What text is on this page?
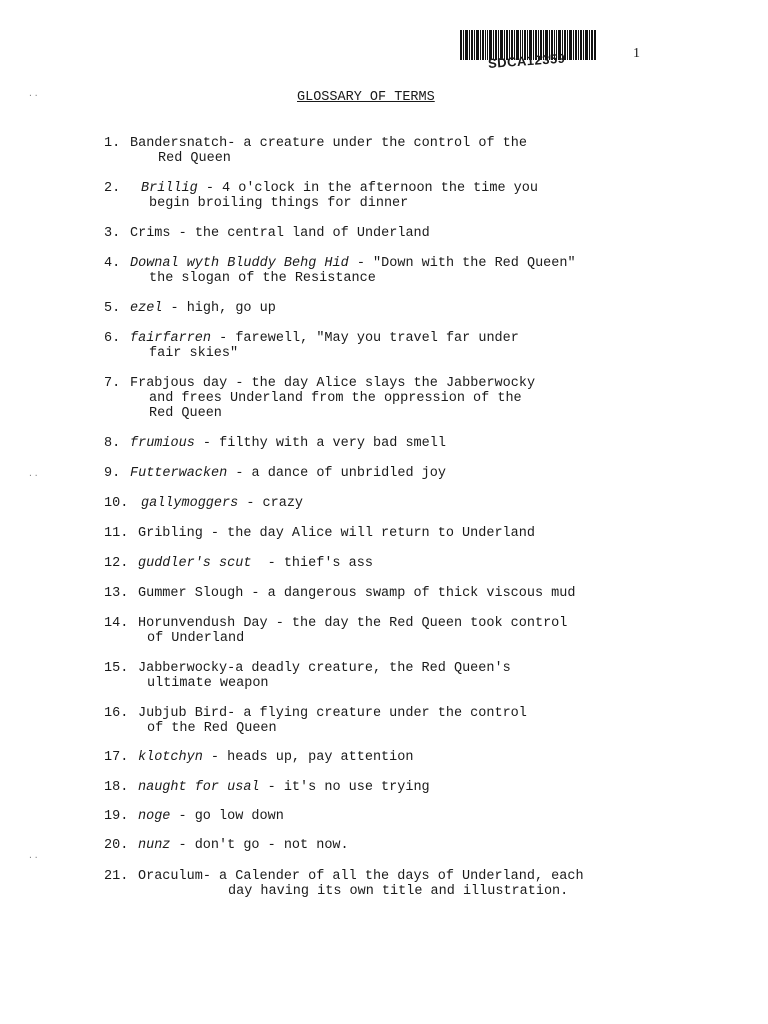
SDCA12359	1
..
..
..
GLOSSARY OF TERMS

1.

Bandersnatch- a creature under the control of the

Red Queen

2.

Brillig - 4 o'clock in the afternoon the time you

begin broiling things for dinner

3.

Crims - the central land of Underland

4.

Downal wyth Bluddy Behg Hid - "Down with the Red Queen"

the slogan of the Resistance

5.

ezel - high, go up

6.

fairfarren - farewell, "May you travel far under

fair skies"

7.

Frabjous day - the day Alice slays the Jabberwocky

and frees Underland from the oppression of the

Red Queen

8.

frumious - filthy with a very bad smell

9.

Futterwacken - a dance of unbridled joy

10.

gallymoggers - crazy

11.

Gribling - the day Alice will return to Underland

12.

guddler's scut  - thief's ass

13.

Gummer Slough - a dangerous swamp of thick viscous mud

14.

Horunvendush Day - the day the Red Queen took control

of Underland

15.

Jabberwocky-a deadly creature, the Red Queen's

ultimate weapon

16.

Jubjub Bird- a flying creature under the control

of the Red Queen

17.

klotchyn - heads up, pay attention

18.

naught for usal - it's no use trying

19.

noge - go low down

20.

nunz - don't go - not now.

21.

Oraculum- a Calender of all the days of Underland, each

day having its own title and illustration.
